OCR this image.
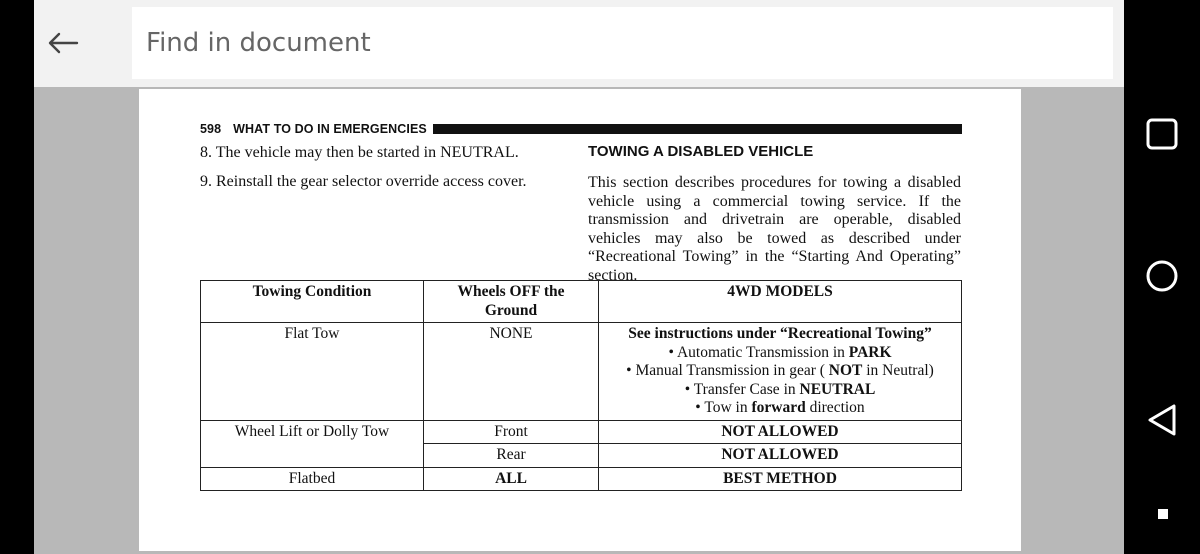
Find in document
598 WHAT TO DO IN EMERGENCIES

8. The vehicle may then be started in NEUTRAL.

9. Reinstall the gear selector override access cover.

TOWING A DISABLED VEHICLE

This section describes procedures for towing a disabled vehicle using a commercial towing service. If the transmission and drivetrain are operable, disabled vehicles may also be towed as described under “Recreational Towing” in the “Starting And Operating” section.

Towing Condition	Wheels OFF the Ground	4WD MODELS
Flat Tow	NONE	See instructions under “Recreational Towing”
• Automatic Transmission in PARK
• Manual Transmission in gear ( NOT in Neutral)
• Transfer Case in NEUTRAL
• Tow in forward direction

Wheel Lift or Dolly Tow	Front	NOT ALLOWED
	Rear	NOT ALLOWED
Flatbed	ALL	BEST METHOD
